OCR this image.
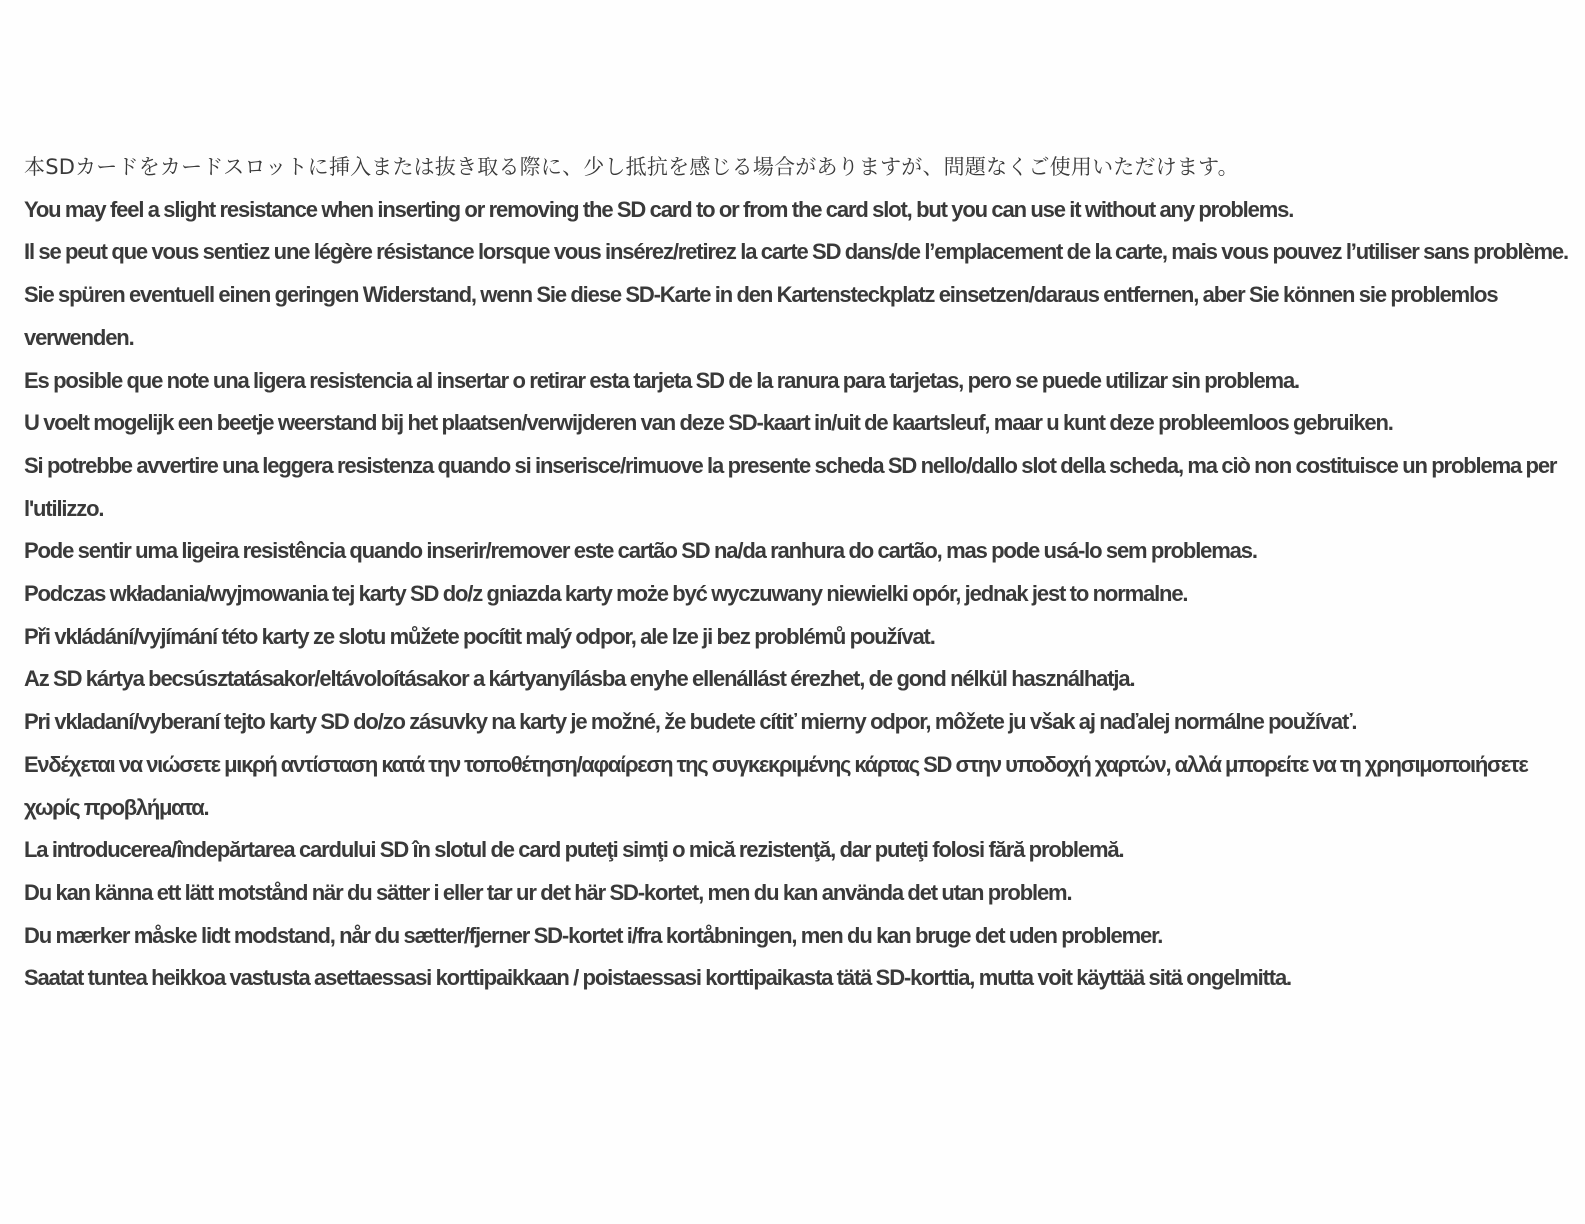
本SDカードをカードスロットに挿入または抜き取る際に、少し抵抗を感じる場合がありますが、問題なくご使用いただけます。

You may feel a slight resistance when inserting or removing the SD card to or from the card slot, but you can use it without any problems.

Il se peut que vous sentiez une légère résistance lorsque vous insérez/retirez la carte SD dans/de l’emplacement de la carte, mais vous pouvez l’utiliser sans problème.

Sie spüren eventuell einen geringen Widerstand, wenn Sie diese SD-Karte in den Kartensteckplatz einsetzen/daraus entfernen, aber Sie können sie problemlos verwenden.

Es posible que note una ligera resistencia al insertar o retirar esta tarjeta SD de la ranura para tarjetas, pero se puede utilizar sin problema.

U voelt mogelijk een beetje weerstand bij het plaatsen/verwijderen van deze SD-kaart in/uit de kaartsleuf, maar u kunt deze probleemloos gebruiken.

Si potrebbe avvertire una leggera resistenza quando si inserisce/rimuove la presente scheda SD nello/dallo slot della scheda, ma ciò non costituisce un problema per l'utilizzo.

Pode sentir uma ligeira resistência quando inserir/remover este cartão SD na/da ranhura do cartão, mas pode usá-lo sem problemas.

Podczas wkładania/wyjmowania tej karty SD do/z gniazda karty może być wyczuwany niewielki opór, jednak jest to normalne.

Při vkládání/vyjímání této karty ze slotu můžete pocítit malý odpor, ale lze ji bez problémů používat.

Az SD kártya becsúsztatásakor/eltávoloításakor a kártyanyílásba enyhe ellenállást érezhet, de gond nélkül használhatja.

Pri vkladaní/vyberaní tejto karty SD do/zo zásuvky na karty je možné, že budete cítiť mierny odpor, môžete ju však aj naďalej normálne používať.

Ενδέχεται να νιώσετε μικρή αντίσταση κατά την τοποθέτηση/αφαίρεση της συγκεκριμένης κάρτας SD στην υποδοχή χαρτών, αλλά μπορείτε να τη χρησιμοποιήσετε χωρίς προβλήματα.

La introducerea/îndepărtarea cardului SD în slotul de card puteţi simţi o mică rezistenţă, dar puteţi folosi fără problemă.

Du kan känna ett lätt motstånd när du sätter i eller tar ur det här SD-kortet, men du kan använda det utan problem.

Du mærker måske lidt modstand, når du sætter/fjerner SD-kortet i/fra kortåbningen, men du kan bruge det uden problemer.

Saatat tuntea heikkoa vastusta asettaessasi korttipaikkaan / poistaessasi korttipaikasta tätä SD-korttia, mutta voit käyttää sitä ongelmitta.
